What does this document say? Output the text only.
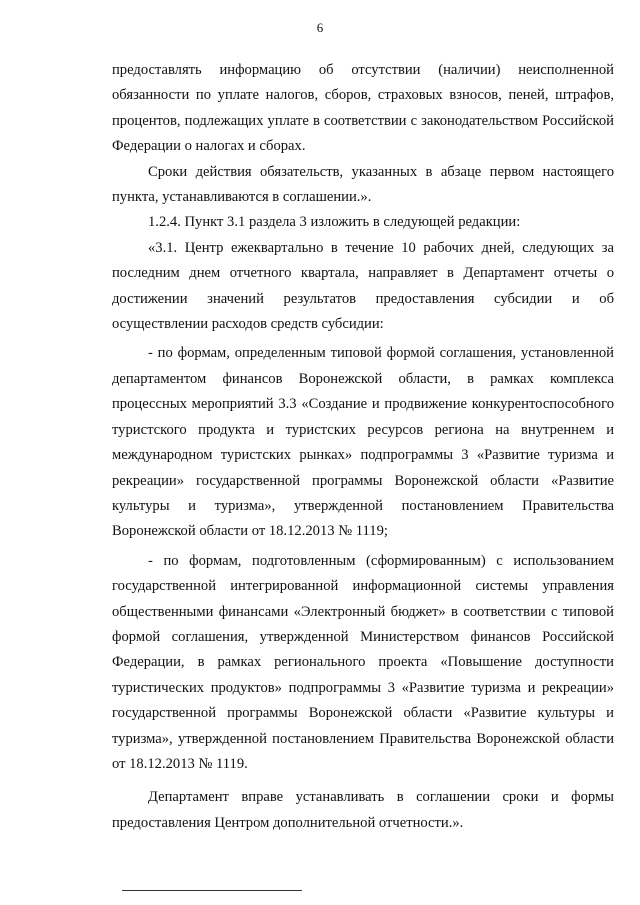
6

предоставлять информацию об отсутствии (наличии) неисполненной обязанности по уплате налогов, сборов, страховых взносов, пеней, штрафов, процентов, подлежащих уплате в соответствии с законодательством Российской Федерации о налогах и сборах.

Сроки действия обязательств, указанных в абзаце первом настоящего пункта, устанавливаются в соглашении.».

1.2.4. Пункт 3.1 раздела 3 изложить в следующей редакции:

«3.1. Центр ежеквартально в течение 10 рабочих дней, следующих за последним днем отчетного квартала, направляет в Департамент отчеты о достижении значений результатов предоставления субсидии и об осуществлении расходов средств субсидии:

- по формам, определенным типовой формой соглашения, установленной департаментом финансов Воронежской области, в рамках комплекса процессных мероприятий 3.3 «Создание и продвижение конкурентоспособного туристского продукта и туристских ресурсов региона на внутреннем и международном туристских рынках» подпрограммы 3 «Развитие туризма и рекреации» государственной программы Воронежской области «Развитие культуры и туризма», утвержденной постановлением Правительства Воронежской области от 18.12.2013 № 1119;

- по формам, подготовленным (сформированным) с использованием государственной интегрированной информационной системы управления общественными финансами «Электронный бюджет» в соответствии с типовой формой соглашения, утвержденной Министерством финансов Российской Федерации, в рамках регионального проекта «Повышение доступности туристических продуктов» подпрограммы 3 «Развитие туризма и рекреации» государственной программы Воронежской области «Развитие культуры и туризма», утвержденной постановлением Правительства Воронежской области от 18.12.2013 № 1119.

Департамент вправе устанавливать в соглашении сроки и формы предоставления Центром дополнительной отчетности.».
